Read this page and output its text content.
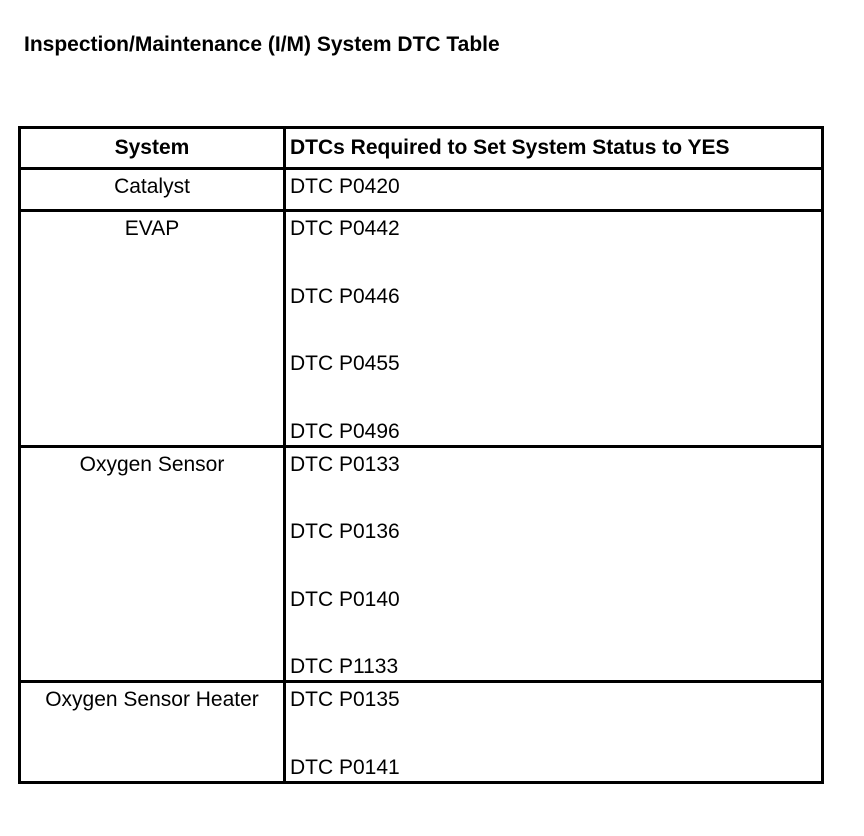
Inspection/Maintenance (I/M) System DTC Table
System	DTCs Required to Set System Status to YES
Catalyst	DTC P0420

EVAP	DTC P0442
DTC P0446
DTC P0455
DTC P0496

Oxygen Sensor	DTC P0133
DTC P0136
DTC P0140
DTC P1133

Oxygen Sensor Heater	DTC P0135
DTC P0141
